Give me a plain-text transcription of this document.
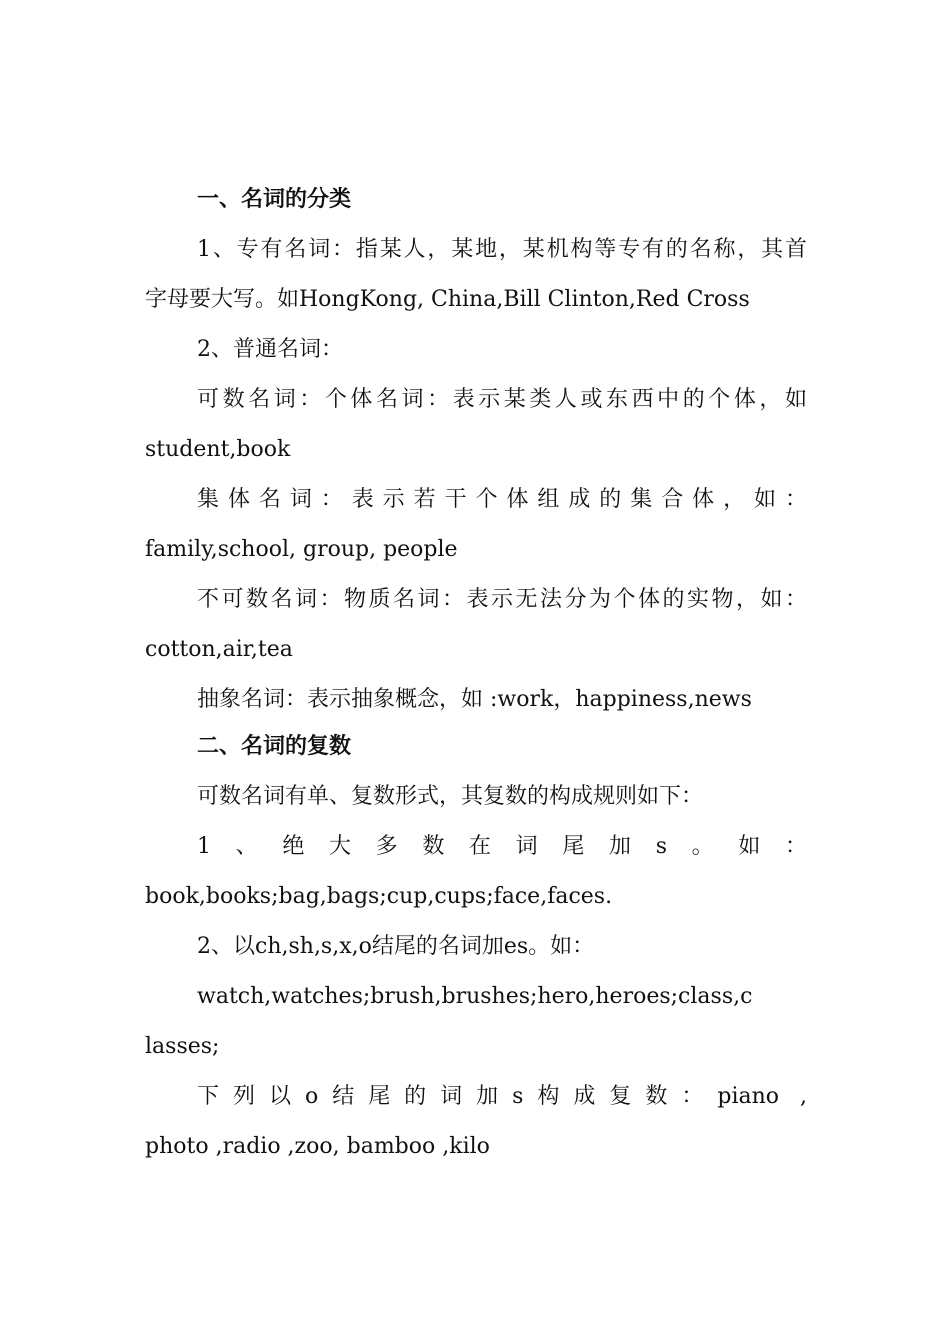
一、名词的分类
1、专有名词：指某人，某地，某机构等专有的名称，其首
字母要大写。如HongKong, China,Bill Clinton,Red Cross
2、普通名词：
可数名词：个体名词：表示某类人或东西中的个体，如
student,book
集体名词：表示若干个体组成的集合体，如：
family,school, group, people
不可数名词：物质名词：表示无法分为个体的实物，如：
cotton,air,tea
抽象名词：表示抽象概念，如 :work，happiness,news
二、名词的复数
可数名词有单、复数形式，其复数的构成规则如下：
1、绝大多数在词尾加s。如：
book,books;bag,bags;cup,cups;face,faces.
2、以ch,sh,s,x,o结尾的名词加es。如：
watch,watches;brush,brushes;hero,heroes;class,c
lasses;
下列以o结尾的词加s构成复数：piano ,
photo ,radio ,zoo, bamboo ,kilo
